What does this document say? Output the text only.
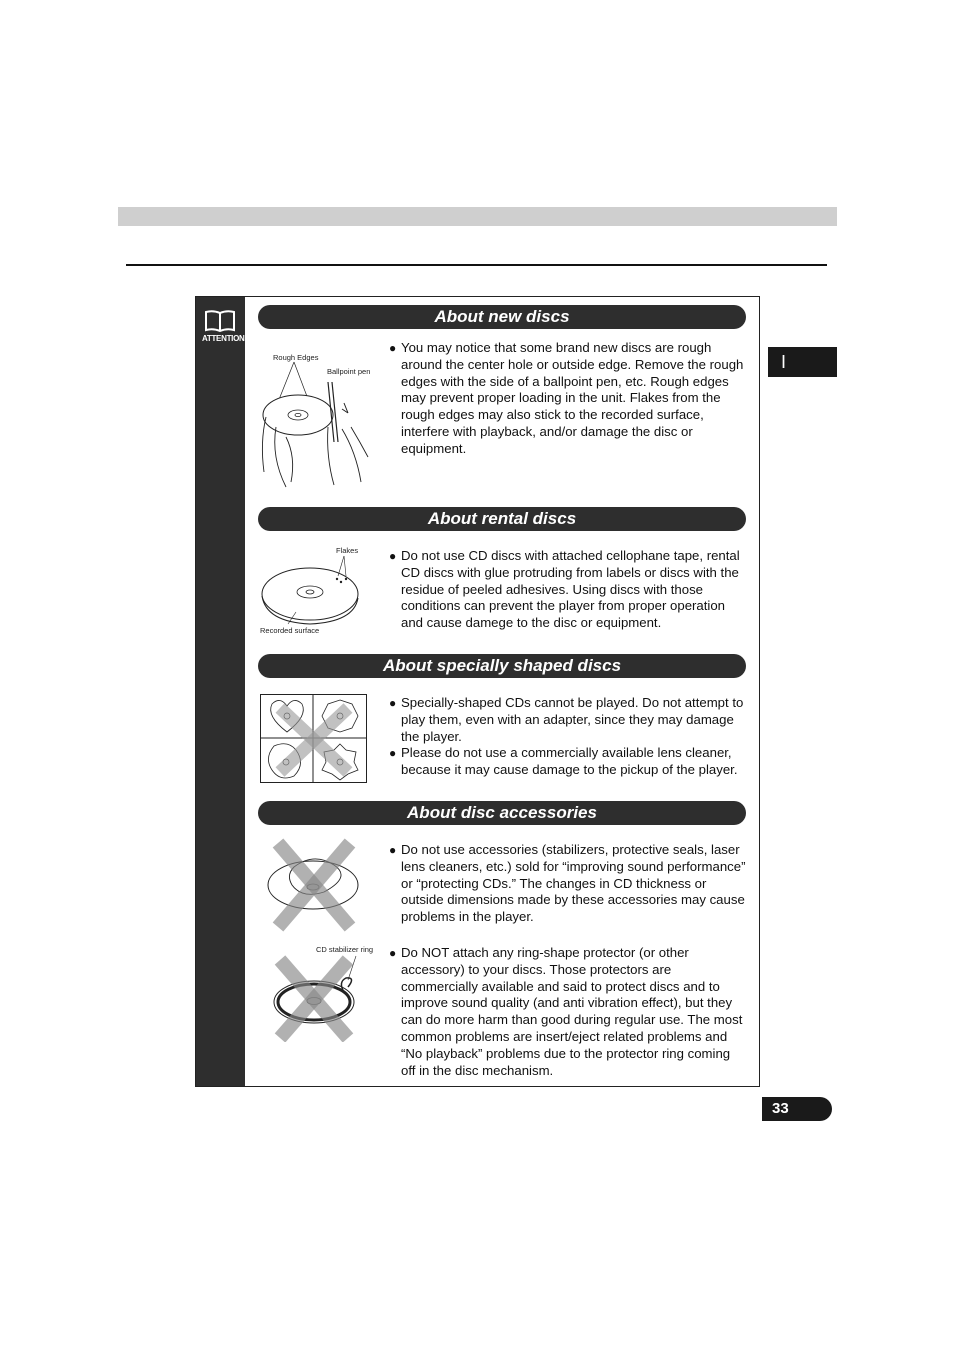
I
ATTENTION
About new discs
Rough Edges
Ballpoint pen

● You may notice that some brand new discs are rough around the center hole or outside edge. Remove the rough edges with the side of a ballpoint pen, etc. Rough edges may prevent proper loading in the unit. Flakes from the rough edges may also stick to the recorded surface, interfere with playback, and/or damage the disc or equipment.

About rental discs
Flakes
Recorded surface

● Do not use CD discs with attached cellophane tape, rental CD discs with glue protruding from labels or discs with the residue of peeled adhesives. Using discs with those conditions can prevent the player from proper operation and cause damege to the disc or equipment.

About specially shaped discs

● Specially-shaped CDs cannot be played. Do not attempt to play them, even with an adapter, since they may damage the player.

● Please do not use a commercially available lens cleaner, because it may cause damage to the pickup of the player.

About disc accessories

● Do not use accessories (stabilizers, protective seals, laser lens cleaners, etc.) sold for “improving sound performance” or “protecting CDs.” The changes in CD thickness or outside dimensions made by these accessories may cause problems in the player.

CD stabilizer ring ● Do NOT attach any ring-shape protector (or other accessory) to your discs. Those protectors are commercially available and said to protect discs and to improve sound quality (and anti vibration effect), but they can do more harm than good during regular use. The most common problems are insert/eject related problems and “No playback” problems due to the protector ring coming off in the disc mechanism.

33
